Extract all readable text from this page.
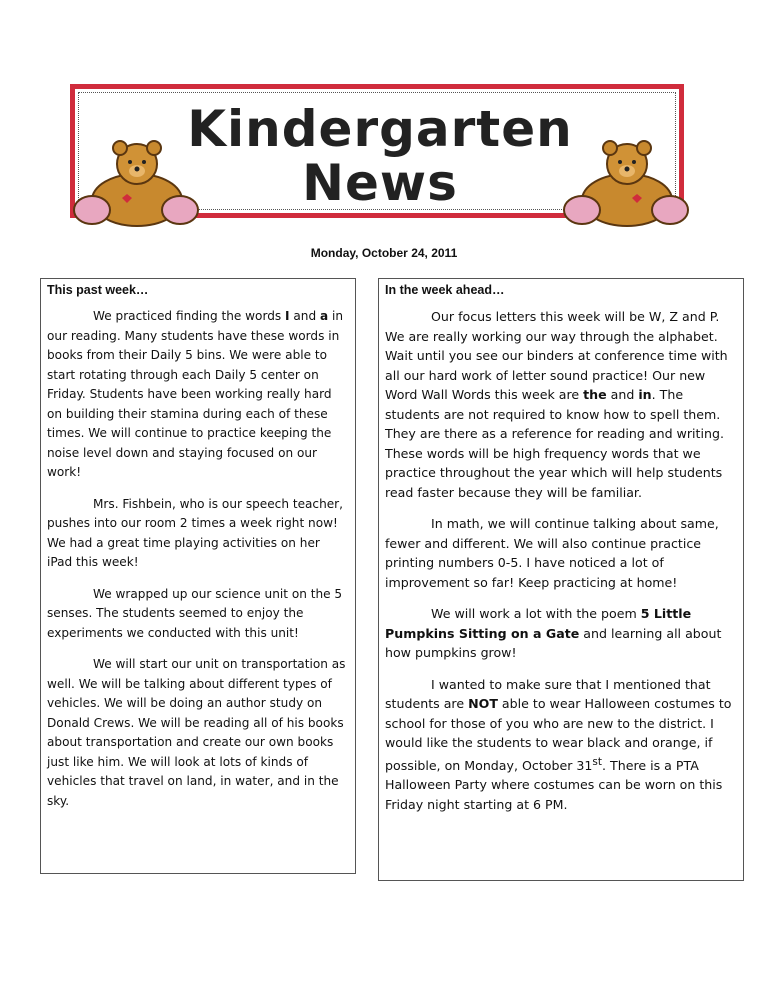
Kindergarten
News
Monday, October 24, 2011
This past week…

We practiced finding the words I and a in our reading. Many students have these words in books from their Daily 5 bins. We were able to start rotating through each Daily 5 center on Friday. Students have been working really hard on building their stamina during each of these times. We will continue to practice keeping the noise level down and staying focused on our work!

Mrs. Fishbein, who is our speech teacher, pushes into our room 2 times a week right now! We had a great time playing activities on her iPad this week!

We wrapped up our science unit on the 5 senses. The students seemed to enjoy the experiments we conducted with this unit!

We will start our unit on transportation as well. We will be talking about different types of vehicles. We will be doing an author study on Donald Crews. We will be reading all of his books about transportation and create our own books just like him. We will look at lots of kinds of vehicles that travel on land, in water, and in the sky.

In the week ahead…

Our focus letters this week will be W, Z and P. We are really working our way through the alphabet. Wait until you see our binders at conference time with all our hard work of letter sound practice! Our new Word Wall Words this week are the and in. The students are not required to know how to spell them. They are there as a reference for reading and writing. These words will be high frequency words that we practice throughout the year which will help students read faster because they will be familiar.

In math, we will continue talking about same, fewer and different. We will also continue practice printing numbers 0-5. I have noticed a lot of improvement so far! Keep practicing at home!

We will work a lot with the poem 5 Little Pumpkins Sitting on a Gate and learning all about how pumpkins grow!

I wanted to make sure that I mentioned that students are NOT able to wear Halloween costumes to school for those of you who are new to the district. I would like the students to wear black and orange, if possible, on Monday, October 31st. There is a PTA Halloween Party where costumes can be worn on this Friday night starting at 6 PM.
